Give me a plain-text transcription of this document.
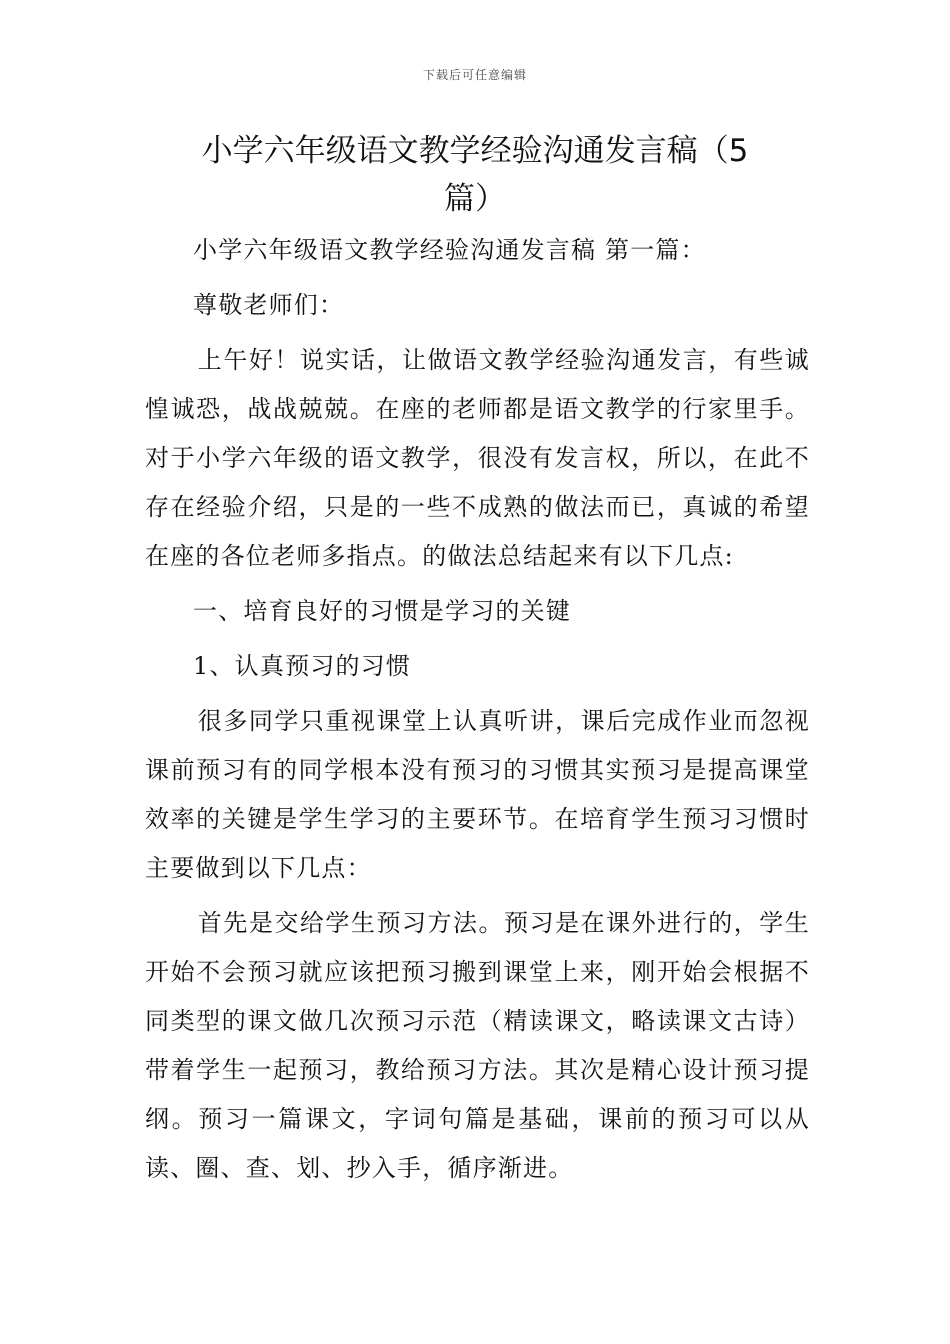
下载后可任意编辑
小学六年级语文教学经验沟通发言稿（5
篇）

小学六年级语文教学经验沟通发言稿 第一篇：

尊敬老师们：

上午好！说实话，让做语文教学经验沟通发言，有些诚惶诚恐，战战兢兢。在座的老师都是语文教学的行家里手。对于小学六年级的语文教学，很没有发言权，所以，在此不存在经验介绍，只是的一些不成熟的做法而已，真诚的希望在座的各位老师多指点。的做法总结起来有以下几点:

一、培育良好的习惯是学习的关键

1、认真预习的习惯

很多同学只重视课堂上认真听讲，课后完成作业而忽视课前预习有的同学根本没有预习的习惯其实预习是提高课堂效率的关键是学生学习的主要环节。在培育学生预习习惯时主要做到以下几点：

首先是交给学生预习方法。预习是在课外进行的，学生开始不会预习就应该把预习搬到课堂上来，刚开始会根据不同类型的课文做几次预习示范（精读课文，略读课文古诗）带着学生一起预习，教给预习方法。其次是精心设计预习提纲。预习一篇课文，字词句篇是基础，课前的预习可以从读、圈、查、划、抄入手，循序渐进。
